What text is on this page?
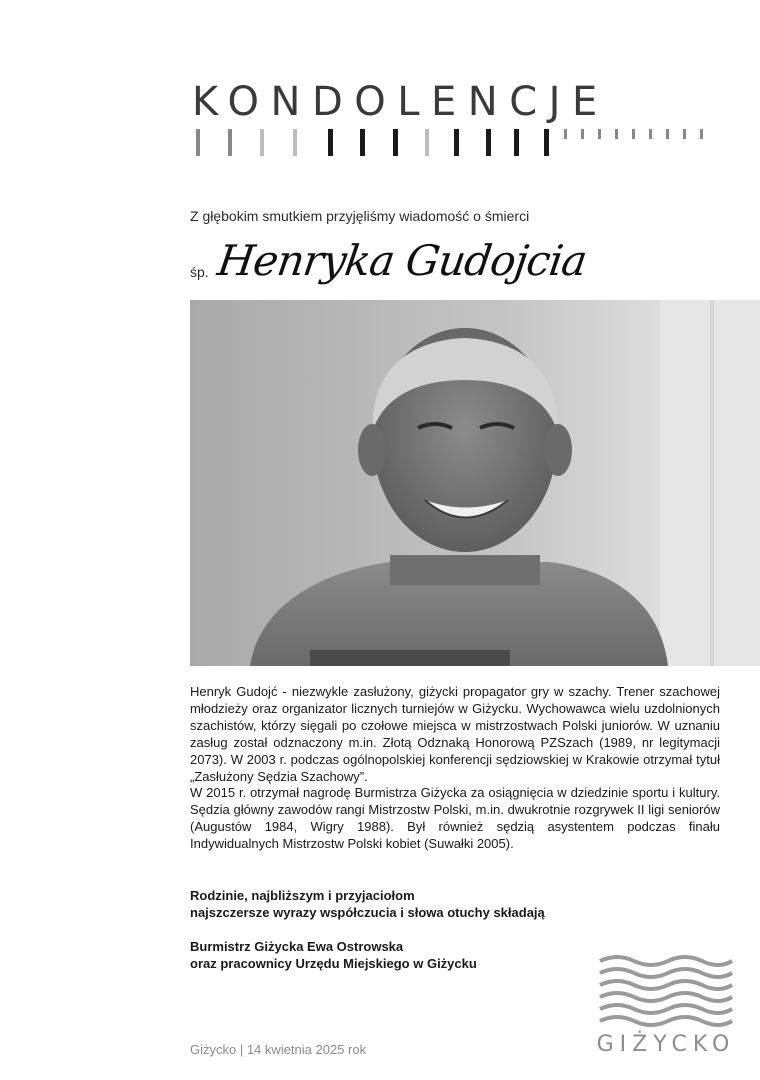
KONDOLENCJE

Z głębokim smutkiem przyjęliśmy wiadomość o śmierci

śp. Henryka Gudojcia

Henryk Gudojć - niezwykle zasłużony, giżycki propagator gry w szachy. Trener szachowej młodzieży oraz organizator licznych turniejów w Giżycku. Wychowawca wielu uzdolnionych szachistów, którzy sięgali po czołowe miejsca w mistrzostwach Polski juniorów. W uznaniu zasług został odznaczony m.in. Złotą Odznaką Honorową PZSzach (1989, nr legitymacji 2073). W 2003 r. podczas ogólnopolskiej konferencji sędziowskiej w Krakowie otrzymał tytuł „Zasłużony Sędzia Szachowy”.

W 2015 r. otrzymał nagrodę Burmistrza Giżycka za osiągnięcia w dziedzinie sportu i kultury. Sędzia główny zawodów rangi Mistrzostw Polski, m.in. dwukrotnie rozgrywek II ligi seniorów (Augustów 1984, Wigry 1988). Był również sędzią asystentem podczas finału Indywidualnych Mistrzostw Polski kobiet (Suwałki 2005).

Rodzinie, najbliższym i przyjaciołom

najszczersze wyrazy współczucia i słowa otuchy składają

Burmistrz Giżycka Ewa Ostrowska

oraz pracownicy Urzędu Miejskiego w Giżycku

Giżycko | 14 kwietnia 2025 rok	GIŻYCKO
